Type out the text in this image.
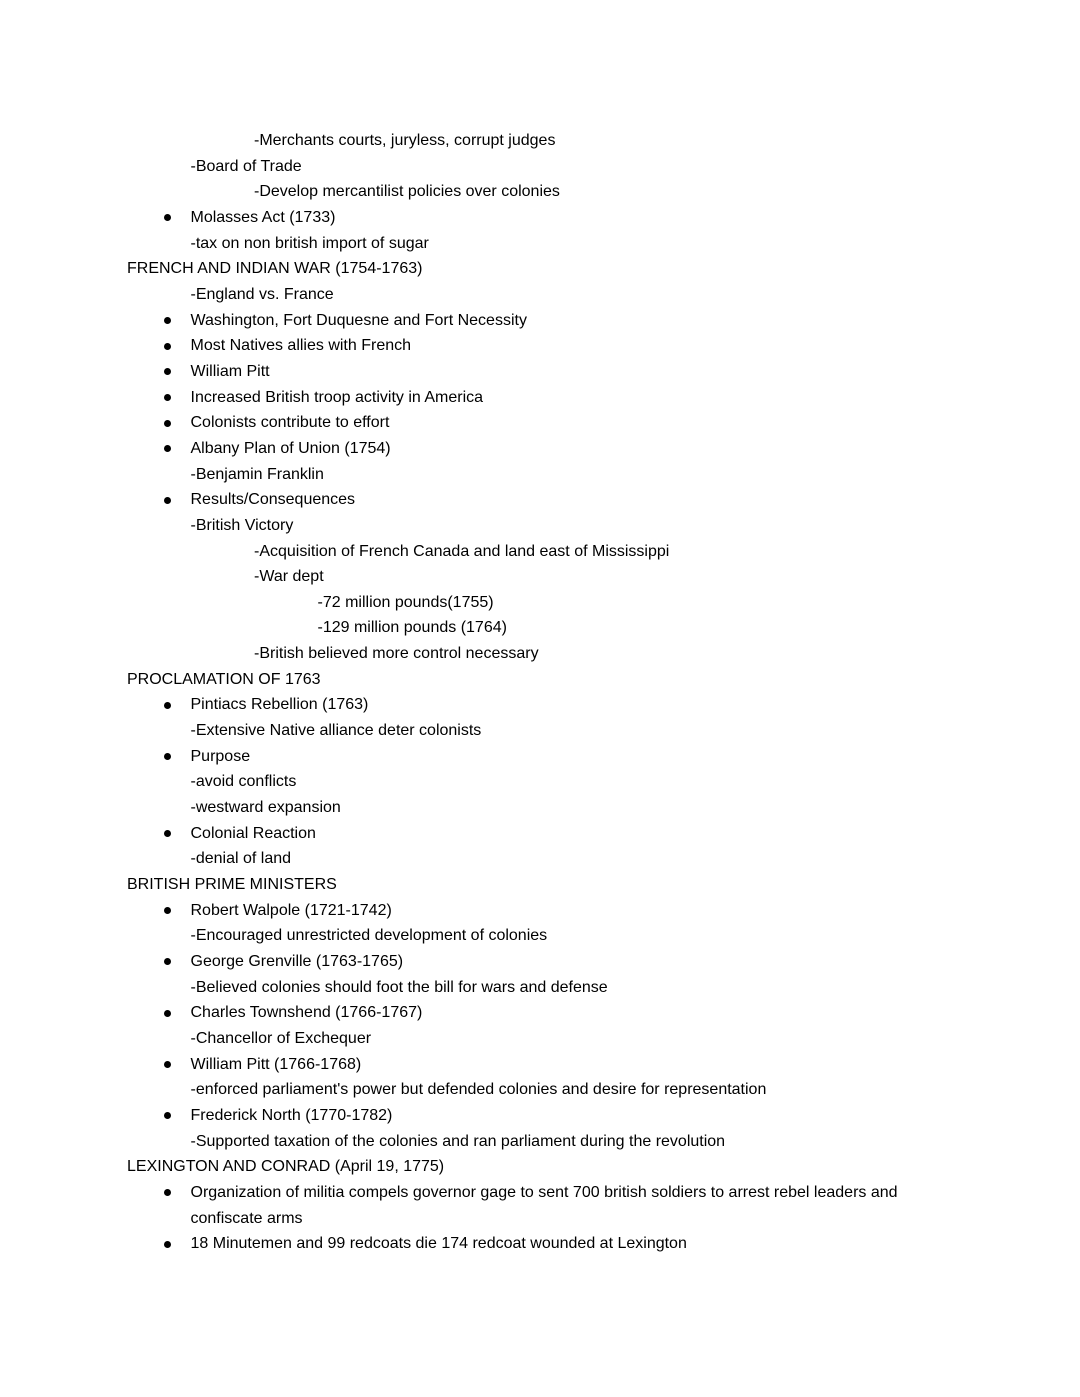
-Merchants courts, juryless, corrupt judges
-Board of Trade
-Develop mercantilist policies over colonies
Molasses Act (1733)
-tax on non british import of sugar
FRENCH AND INDIAN WAR (1754-1763)
-England vs. France
Washington, Fort Duquesne and Fort Necessity
Most Natives allies with French
William Pitt
Increased British troop activity in America
Colonists contribute to effort
Albany Plan of Union (1754)
-Benjamin Franklin
Results/Consequences
-British Victory
-Acquisition of French Canada and land east of Mississippi
-War dept
-72 million pounds(1755)
-129 million pounds (1764)
-British believed more control necessary
PROCLAMATION OF 1763
Pintiacs Rebellion (1763)
-Extensive Native alliance deter colonists
Purpose
-avoid conflicts
-westward expansion
Colonial Reaction
-denial of land
BRITISH PRIME MINISTERS
Robert Walpole (1721-1742)
-Encouraged unrestricted development of colonies
George Grenville (1763-1765)
-Believed colonies should foot the bill for wars and defense
Charles Townshend (1766-1767)
-Chancellor of Exchequer
William Pitt (1766-1768)
-enforced parliament's power but defended colonies and desire for representation
Frederick North (1770-1782)
-Supported taxation of the colonies and ran parliament during the revolution
LEXINGTON AND CONRAD (April 19, 1775)
Organization of militia compels governor gage to sent 700 british soldiers to arrest rebel leaders and confiscate arms
18 Minutemen and 99 redcoats die 174 redcoat wounded at Lexington
